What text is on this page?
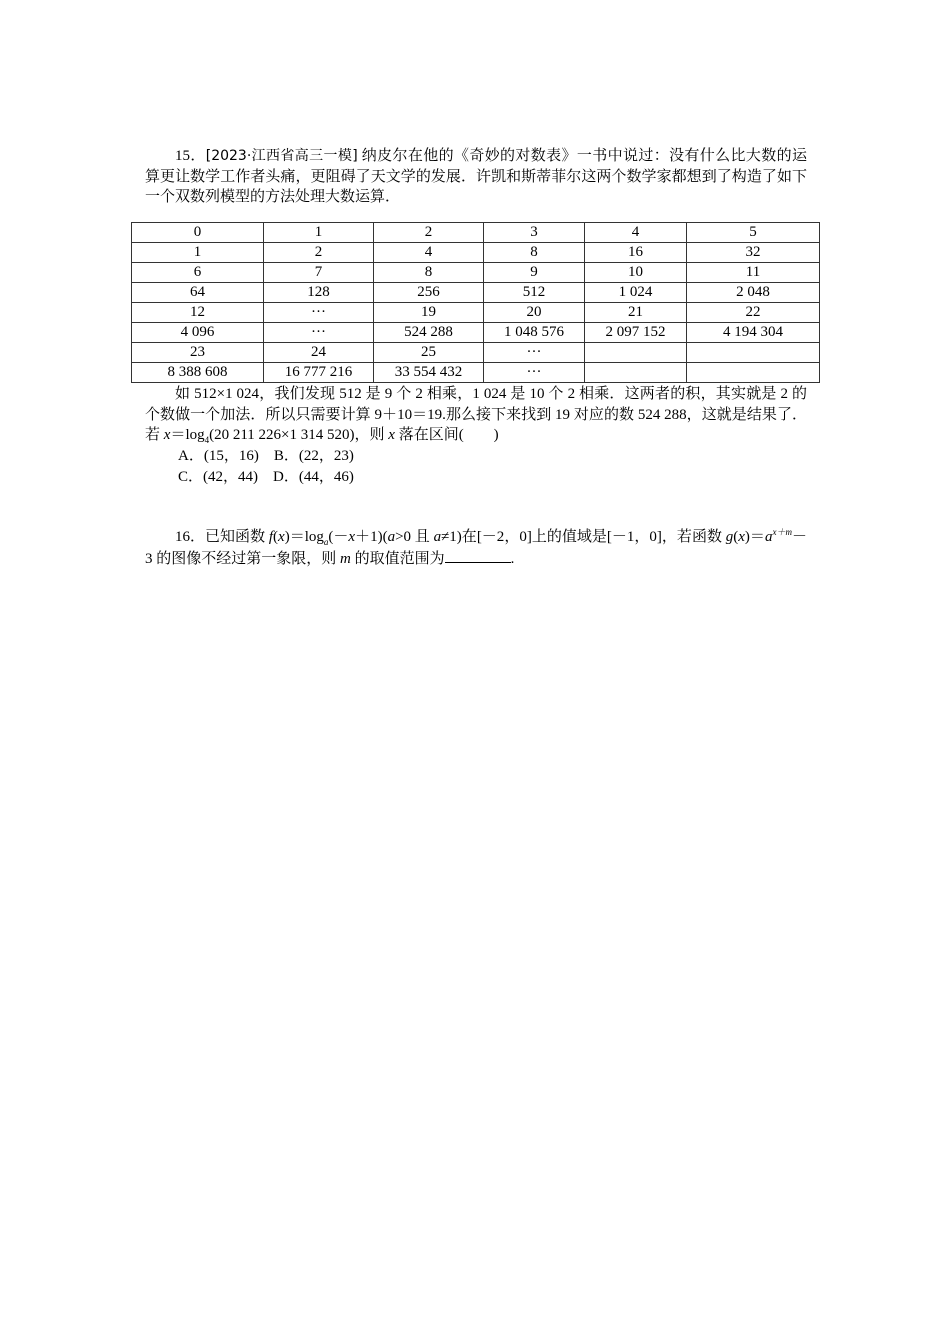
15．[2023·江西省高三一模] 纳皮尔在他的《奇妙的对数表》一书中说过：没有什么比大数的运算更让数学工作者头痛，更阻碍了天文学的发展．许凯和斯蒂菲尔这两个数学家都想到了构造了如下一个双数列模型的方法处理大数运算．

0	1	2	3	4	5
1	2	4	8	16	32
6	7	8	9	10	11
64	128	256	512	1 024	2 048
12	···	19	20	21	22
4 096	···	524 288	1 048 576	2 097 152	4 194 304
23	24	25	···		
8 388 608	16 777 216	33 554 432	···		

如 512×1 024，我们发现 512 是 9 个 2 相乘，1 024 是 10 个 2 相乘．这两者的积，其实就是 2 的个数做一个加法．所以只需要计算 9＋10＝19.那么接下来找到 19 对应的数 524 288，这就是结果了．若 $x=\log_4(20$ 211 226×1 314 520)，则 x 落在区间(　　)

A．(15，16)　B．(22，23)

C．(42，44)　D．(44，46)

16．已知函数 $f(x)=\log_a(-x+1)(a>0$ 且 a≠1)在[－2，0]上的值域是[－1，0]，若函数 $g(x)=a^{x+m}-3$ 的图像不经过第一象限，则 m 的取值范围为	.
